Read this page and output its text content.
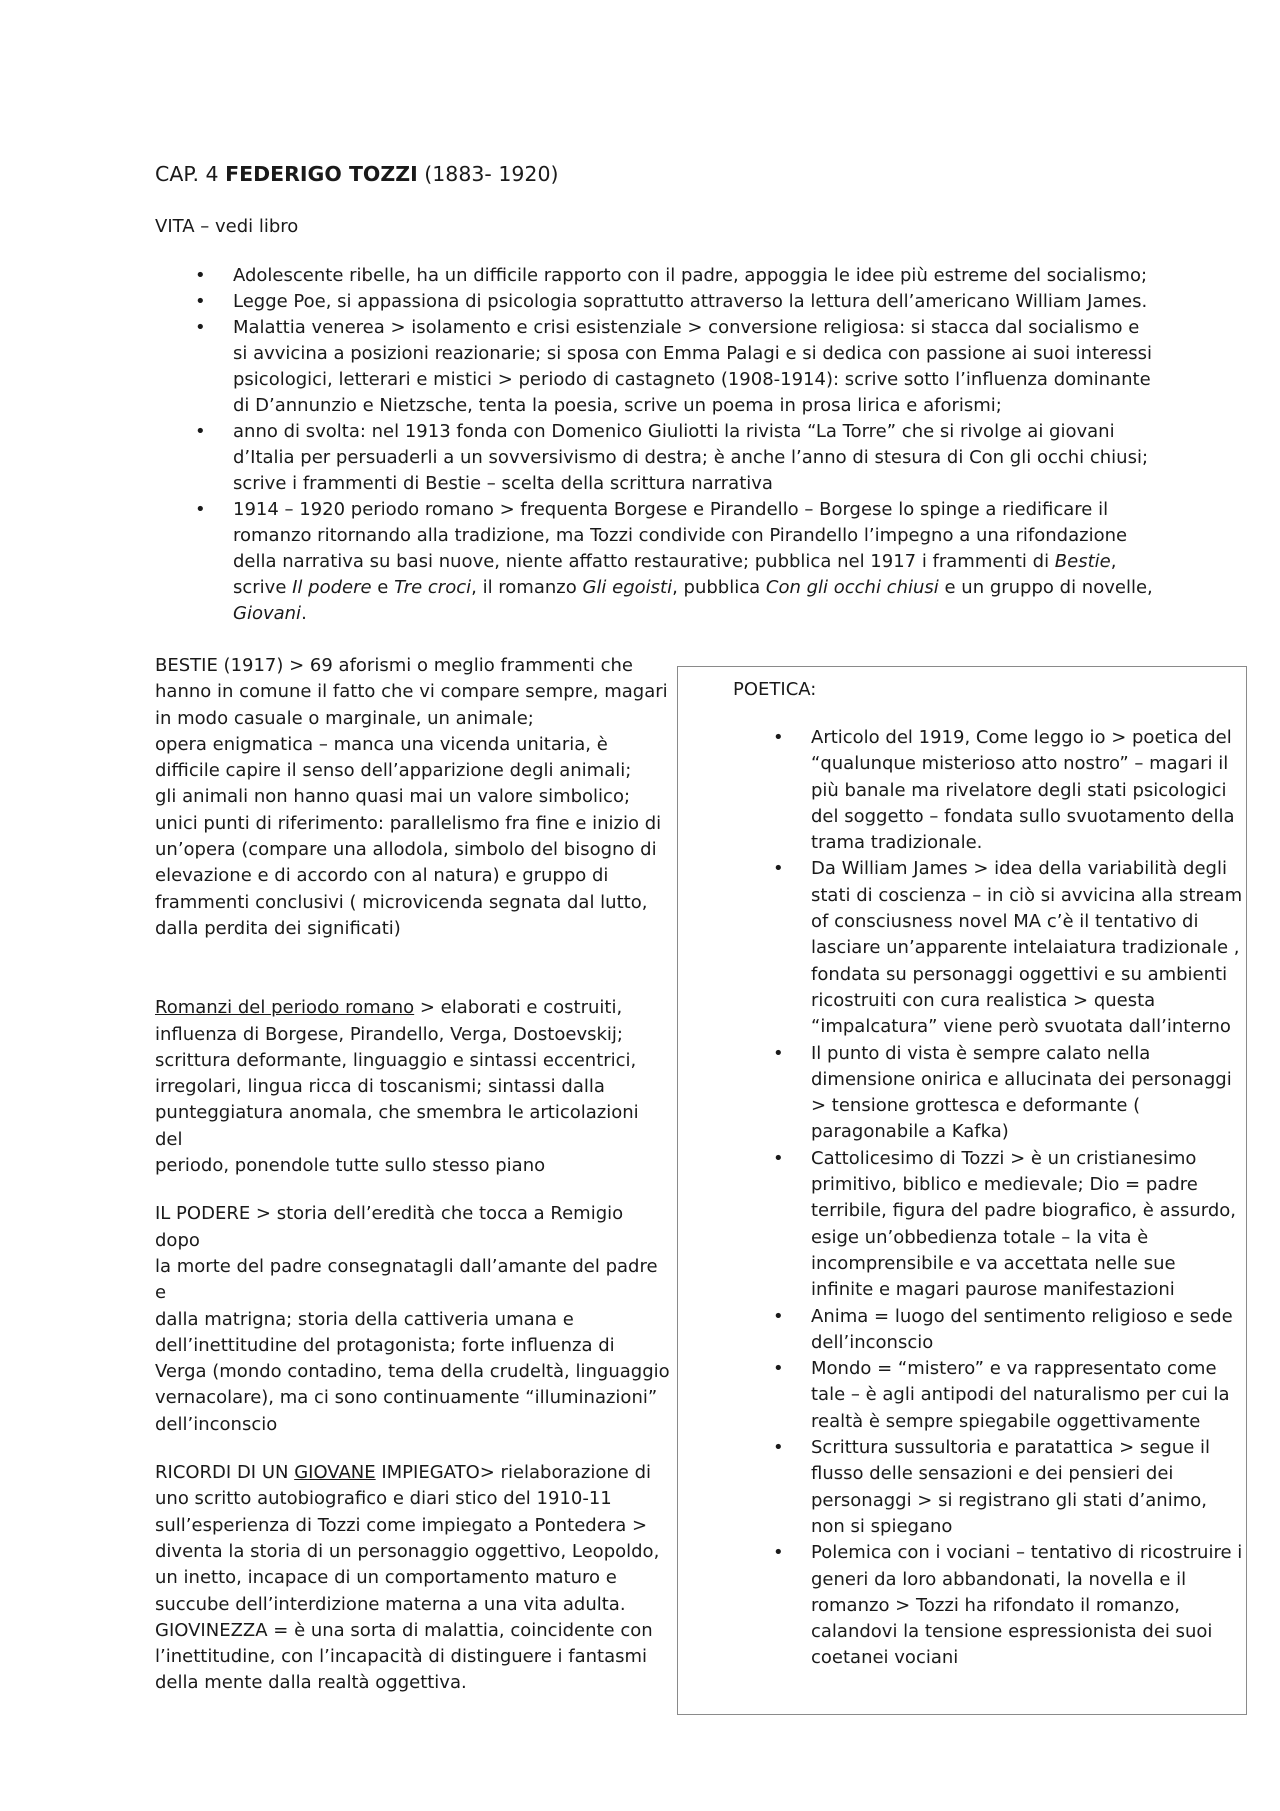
CAP. 4 FEDERIGO TOZZI (1883- 1920)
VITA – vedi libro
• Adolescente ribelle, ha un difficile rapporto con il padre, appoggia le idee più estreme del socialismo;
• Legge Poe, si appassiona di psicologia soprattutto attraverso la lettura dell’americano William James.
• Malattia venerea > isolamento e crisi esistenziale > conversione religiosa: si stacca dal socialismo e si avvicina a posizioni reazionarie; si sposa con Emma Palagi e si dedica con passione ai suoi interessi psicologici, letterari e mistici > periodo di castagneto (1908-1914): scrive sotto l’influenza dominante di D’annunzio e Nietzsche, tenta la poesia, scrive un poema in prosa lirica e aforismi;
• anno di svolta: nel 1913 fonda con Domenico Giuliotti la rivista “La Torre” che si rivolge ai giovani d’Italia per persuaderli a un sovversivismo di destra; è anche l’anno di stesura di Con gli occhi chiusi; scrive i frammenti di Bestie – scelta della scrittura narrativa
• 1914 – 1920 periodo romano > frequenta Borgese e Pirandello – Borgese lo spinge a riedificare il romanzo ritornando alla tradizione, ma Tozzi condivide con Pirandello l’impegno a una rifondazione della narrativa su basi nuove, niente affatto restaurative; pubblica nel 1917 i frammenti di Bestie, scrive Il podere e Tre croci, il romanzo Gli egoisti, pubblica Con gli occhi chiusi e un gruppo di novelle, Giovani.

BESTIE (1917) > 69 aforismi o meglio frammenti che
hanno in comune il fatto che vi compare sempre, magari
in modo casuale o marginale, un animale;
opera enigmatica – manca una vicenda unitaria, è
difficile capire il senso dell’apparizione degli animali;
gli animali non hanno quasi mai un valore simbolico;
unici punti di riferimento: parallelismo fra fine e inizio di
un’opera (compare una allodola, simbolo del bisogno di
elevazione e di accordo con al natura) e gruppo di
frammenti conclusivi ( microvicenda segnata dal lutto,
dalla perdita dei significati)

Romanzi del periodo romano > elaborati e costruiti,
influenza di Borgese, Pirandello, Verga, Dostoevskij;
scrittura deformante, linguaggio e sintassi eccentrici,
irregolari, lingua ricca di toscanismi; sintassi dalla
punteggiatura anomala, che smembra le articolazioni del
periodo, ponendole tutte sullo stesso piano

IL PODERE > storia dell’eredità che tocca a Remigio dopo
la morte del padre consegnatagli dall’amante del padre e
dalla matrigna; storia della cattiveria umana e
dell’inettitudine del protagonista; forte influenza di
Verga (mondo contadino, tema della crudeltà, linguaggio
vernacolare), ma ci sono continuamente “illuminazioni”
dell’inconscio

RICORDI DI UN GIOVANE IMPIEGATO> rielaborazione di
uno scritto autobiografico e diari stico del 1910-11
sull’esperienza di Tozzi come impiegato a Pontedera >
diventa la storia di un personaggio oggettivo, Leopoldo,
un inetto, incapace di un comportamento maturo e
succube dell’interdizione materna a una vita adulta.
GIOVINEZZA = è una sorta di malattia, coincidente con
l’inettitudine, con l’incapacità di distinguere i fantasmi
della mente dalla realtà oggettiva.

POETICA:
• Articolo del 1919, Come leggo io > poetica del “qualunque misterioso atto nostro” – magari il più banale ma rivelatore degli stati psicologici del soggetto – fondata sullo svuotamento della trama tradizionale.
• Da William James > idea della variabilità degli stati di coscienza – in ciò si avvicina alla stream of consciusness novel MA c’è il tentativo di lasciare un’apparente intelaiatura tradizionale , fondata su personaggi oggettivi e su ambienti ricostruiti con cura realistica > questa “impalcatura” viene però svuotata dall’interno
• Il punto di vista è sempre calato nella dimensione onirica e allucinata dei personaggi > tensione grottesca e deformante ( paragonabile a Kafka)
• Cattolicesimo di Tozzi > è un cristianesimo primitivo, biblico e medievale; Dio = padre terribile, figura del padre biografico, è assurdo, esige un’obbedienza totale – la vita è incomprensibile e va accettata nelle sue infinite e magari paurose manifestazioni
• Anima = luogo del sentimento religioso e sede dell’inconscio
• Mondo = “mistero” e va rappresentato come tale – è agli antipodi del naturalismo per cui la realtà è sempre spiegabile oggettivamente
• Scrittura sussultoria e paratattica > segue il flusso delle sensazioni e dei pensieri dei personaggi > si registrano gli stati d’animo, non si spiegano
• Polemica con i vociani – tentativo di ricostruire i generi da loro abbandonati, la novella e il romanzo > Tozzi ha rifondato il romanzo, calandovi la tensione espressionista dei suoi coetanei vociani
